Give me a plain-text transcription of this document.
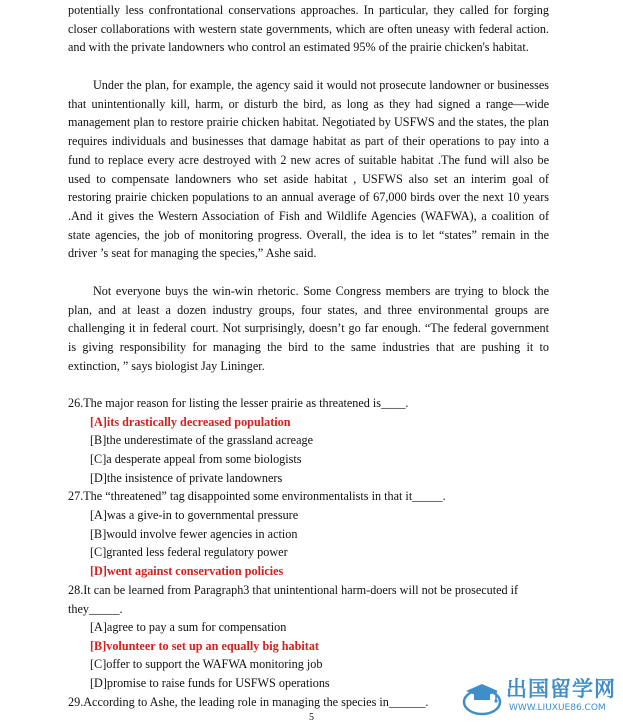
potentially less confrontational conservations approaches. In particular, they called for forging closer collaborations with western state governments, which are often uneasy with federal action. and with the private landowners who control an estimated 95% of the prairie chicken's habitat.

Under the plan, for example, the agency said it would not prosecute landowner or businesses that unintentionally kill, harm, or disturb the bird, as long as they had signed a range—wide management plan to restore prairie chicken habitat. Negotiated by USFWS and the states, the plan requires individuals and businesses that damage habitat as part of their operations to pay into a fund to replace every acre destroyed with 2 new acres of suitable habitat .The fund will also be used to compensate landowners who set aside habitat , USFWS also set an interim goal of restoring prairie chicken populations to an annual average of 67,000 birds over the next 10 years .And it gives the Western Association of Fish and Wildlife Agencies (WAFWA), a coalition of state agencies, the job of monitoring progress. Overall, the idea is to let “states” remain in the driver ’s seat for managing the species,” Ashe said.

Not everyone buys the win-win rhetoric. Some Congress members are trying to block the plan, and at least a dozen industry groups, four states, and three environmental groups are challenging it in federal court. Not surprisingly, doesn’t go far enough. “The federal government is giving responsibility for managing the bird to the same industries that are pushing it to extinction, ” says biologist Jay Lininger.

26.The major reason for listing the lesser prairie as threatened is____.

[A]its drastically decreased population

[B]the underestimate of the grassland acreage

[C]a desperate appeal from some biologists

[D]the insistence of private landowners

27.The “threatened” tag disappointed some environmentalists in that it_____.

[A]was a give-in to governmental pressure

[B]would involve fewer agencies in action

[C]granted less federal regulatory power

[D]went against conservation policies

28.It can be learned from Paragraph3 that unintentional harm-doers will not be prosecuted if they_____.

[A]agree to pay a sum for compensation

[B]volunteer to set up an equally big habitat

[C]offer to support the WAFWA monitoring job

[D]promise to raise funds for USFWS operations

29.According to Ashe, the leading role in managing the species in______.

5
出国留学网
WWW.LIUXUE86.COM
